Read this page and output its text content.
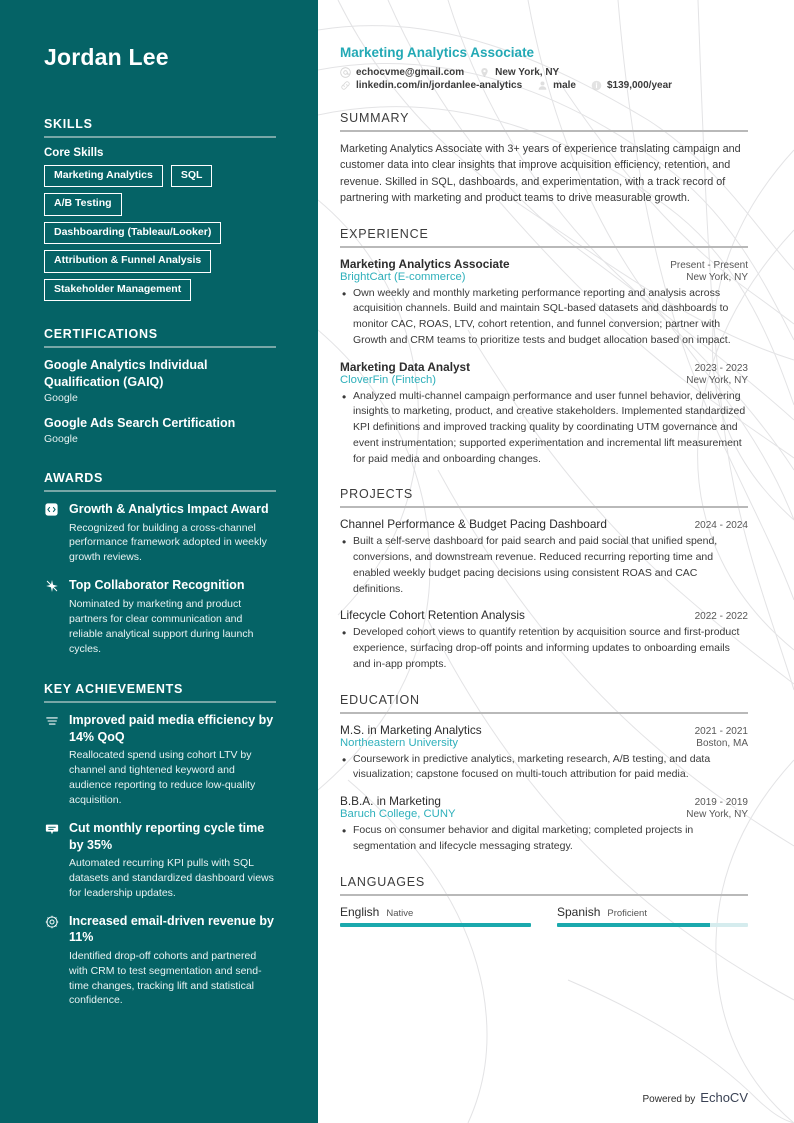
Jordan Lee
SKILLS
Core Skills
Marketing Analytics	SQL
A/B Testing
Dashboarding (Tableau/Looker)
Attribution & Funnel Analysis
Stakeholder Management
CERTIFICATIONS
Google Analytics Individual Qualification (GAIQ)
Google
Google Ads Search Certification
Google
AWARDS
Growth & Analytics Impact Award
Recognized for building a cross-channel performance framework adopted in weekly growth reviews.
Top Collaborator Recognition
Nominated by marketing and product partners for clear communication and reliable analytical support during launch cycles.
KEY ACHIEVEMENTS
Improved paid media efficiency by 14% QoQ
Reallocated spend using cohort LTV by channel and tightened keyword and audience reporting to reduce low-quality acquisition.
Cut monthly reporting cycle time by 35%
Automated recurring KPI pulls with SQL datasets and standardized dashboard views for leadership updates.
Increased email-driven revenue by 11%
Identified drop-off cohorts and partnered with CRM to test segmentation and send-time changes, tracking lift and statistical confidence.
Marketing Analytics Associate
echocvme@gmail.com	New York, NY
linkedin.com/in/jordanlee-analytics	male	$139,000/year
SUMMARY

Marketing Analytics Associate with 3+ years of experience translating campaign and customer data into clear insights that improve acquisition efficiency, retention, and revenue. Skilled in SQL, dashboards, and experimentation, with a track record of partnering with marketing and product teams to drive measurable growth.

EXPERIENCE
Marketing Analytics Associate	Present - Present
BrightCart (E-commerce)	New York, NY
• Own weekly and monthly marketing performance reporting and analysis across acquisition channels. Build and maintain SQL-based datasets and dashboards to monitor CAC, ROAS, LTV, cohort retention, and funnel conversion; partner with Growth and CRM teams to prioritize tests and budget allocation based on impact.
Marketing Data Analyst	2023 - 2023
CloverFin (Fintech)	New York, NY
• Analyzed multi-channel campaign performance and user funnel behavior, delivering insights to marketing, product, and creative stakeholders. Implemented standardized KPI definitions and improved tracking quality by coordinating UTM governance and event instrumentation; supported experimentation and incremental lift measurement for paid media and onboarding changes.
PROJECTS
Channel Performance & Budget Pacing Dashboard	2024 - 2024
• Built a self-serve dashboard for paid search and paid social that unified spend, conversions, and downstream revenue. Reduced recurring reporting time and enabled weekly budget pacing decisions using consistent ROAS and CAC definitions.
Lifecycle Cohort Retention Analysis	2022 - 2022
• Developed cohort views to quantify retention by acquisition source and first-product experience, surfacing drop-off points and informing updates to onboarding emails and in-app prompts.
EDUCATION
M.S. in Marketing Analytics	2021 - 2021
Northeastern University	Boston, MA
• Coursework in predictive analytics, marketing research, A/B testing, and data visualization; capstone focused on multi-touch attribution for paid media.
B.B.A. in Marketing	2019 - 2019
Baruch College, CUNY	New York, NY
• Focus on consumer behavior and digital marketing; completed projects in segmentation and lifecycle messaging strategy.
LANGUAGES
English Native	Spanish Proficient
Powered by EchoCV
